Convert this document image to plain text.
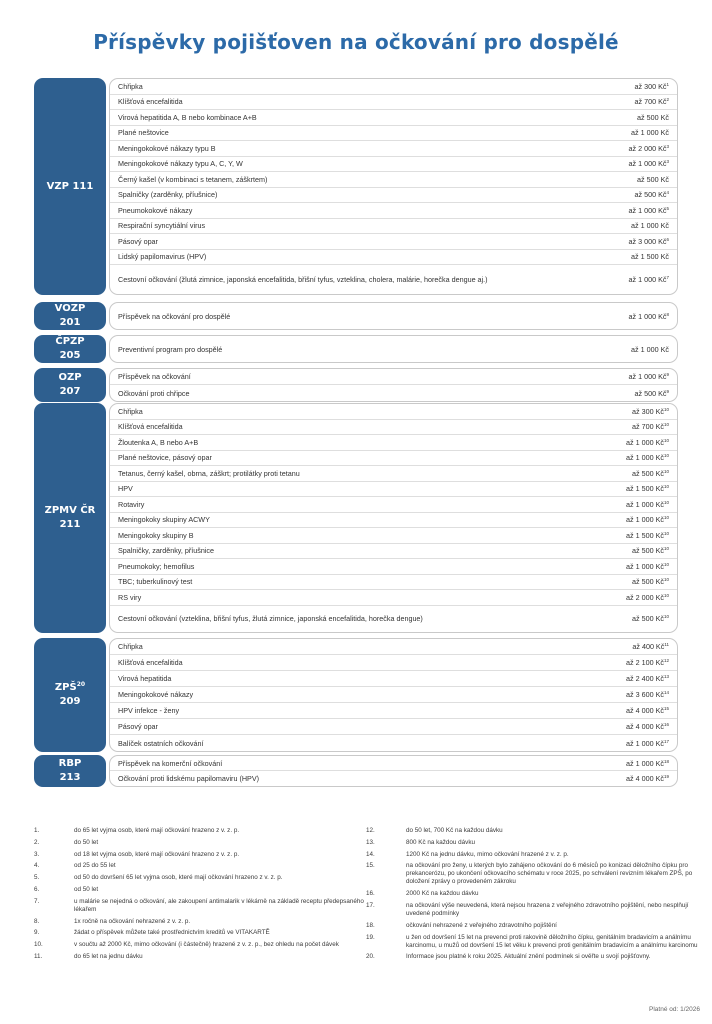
Příspěvky pojišťoven na očkování pro dospělé
VZP 111
Chřipka	až 300 $Kč^1$
Klíšťová encefalitida	až 700 $Kč^2$
Virová hepatitida A, B nebo kombinace A+B	až 500 Kč
Plané neštovice	až 1 000 Kč
Meningokokové nákazy typu B	až 2 000 $Kč^3$
Meningokokové nákazy typu A, C, Y, W	až 1 000 $Kč^3$
Černý kašel (v kombinaci s tetanem, záškrtem)	až 500 Kč
Spalničky (zarděnky, příušnice)	až 500 $Kč^4$
Pneumokokové nákazy	až 1 000 $Kč^5$
Respirační syncytiální virus	až 1 000 Kč
Pásový opar	až 3 000 $Kč^6$
Lidský papilomavirus (HPV)	až 1 500 Kč
Cestovní očkování (žlutá zimnice, japonská encefalitida, břišní tyfus, vzteklina, cholera, malárie, horečka dengue aj.)	až 1 000 $Kč^7$
VOZP
201
Příspěvek na očkování pro dospělé	až 1 000 $Kč^8$
ČPZP
205
Preventivní program pro dospělé	až 1 000 Kč
OZP
207
Příspěvek na očkování	až 1 000 $Kč^9$
Očkování proti chřipce	až 500 $Kč^9$
ZPMV ČR
211
Chřipka	až 300 $Kč^{10}$
Klíšťová encefalitida	až 700 $Kč^{10}$
Žloutenka A, B nebo A+B	až 1 000 $Kč^{10}$
Plané neštovice, pásový opar	až 1 000 $Kč^{10}$
Tetanus, černý kašel, obrna, záškrt; protilátky proti tetanu	až 500 $Kč^{10}$
HPV	až 1 500 $Kč^{10}$
Rotaviry	až 1 000 $Kč^{10}$
Meningokoky skupiny ACWY	až 1 000 $Kč^{10}$
Meningokoky skupiny B	až 1 500 $Kč^{10}$
Spalničky, zarděnky, příušnice	až 500 $Kč^{10}$
Pneumokoky; hemofilus	až 1 000 $Kč^{10}$
TBC; tuberkulinový test	až 500 $Kč^{10}$
RS viry	až 2 000 $Kč^{10}$
Cestovní očkování (vzteklina, břišní tyfus, žlutá zimnice, japonská encefalitida, horečka dengue)	až 500 $Kč^{10}$
ZPŠ$^{20}$
209
Chřipka	až 400 $Kč^{11}$
Klíšťová encefalitida	až 2 100 $Kč^{12}$
Virová hepatitida	až 2 400 $Kč^{13}$
Meningokokové nákazy	až 3 600 $Kč^{14}$
HPV infekce - ženy	až 4 000 $Kč^{15}$
Pásový opar	až 4 000 $Kč^{16}$
Balíček ostatních očkování	až 1 000 $Kč^{17}$
RBP
213
Příspěvek na komerční očkování	až 1 000 $Kč^{18}$
Očkování proti lidskému papilomaviru (HPV)	až 4 000 $Kč^{19}$
1.	do 65 let vyjma osob, které mají očkování hrazeno z v. z. p.
2.	do 50 let
3.	od 18 let vyjma osob, které mají očkování hrazeno z v. z. p.
4.	od 25 do 55 let
5.	od 50 do dovršení 65 let vyjma osob, které mají očkování hrazeno z v. z. p.
6.	od 50 let
7.	u malárie se nejedná o očkování, ale zakoupení antimalarik v lékárně na základě receptu předepsaného lékařem
8.	1x ročně na očkování nehrazené z v. z. p.
9.	žádat o příspěvek můžete také prostřednictvím kreditů ve VITAKARTĚ
10.	v součtu až 2000 Kč, mimo očkování (i částečně) hrazené z v. z. p., bez ohledu na počet dávek
11.	do 65 let na jednu dávku
12.	do 50 let, 700 Kč na každou dávku
13.	800 Kč na každou dávku
14.	1200 Kč na jednu dávku, mimo očkování hrazené z v. z. p.
15.	na očkování pro ženy, u kterých bylo zahájeno očkování do 6 měsíců po konizaci děložního čípku pro prekancerózu, po ukončení očkovacího schématu v roce 2025, po schválení revizním lékařem ZPŠ, po doložení zprávy o provedeném zákroku
16.	2000 Kč na každou dávku
17.	na očkování výše neuvedená, která nejsou hrazena z veřejného zdravotního pojištění, nebo nesplňují uvedené podmínky
18.	očkování nehrazené z veřejného zdravotního pojištění
19.	u žen od dovršení 15 let na prevenci proti rakovině děložního čípku, genitálním bradavicím a análnímu karcinomu, u mužů od dovršení 15 let věku k prevenci proti genitálním bradavicím a análnímu karcinomu
20.	Informace jsou platné k roku 2025. Aktuální znění podmínek si ověřte u svojí pojišťovny.
Platné od: 1/2026
